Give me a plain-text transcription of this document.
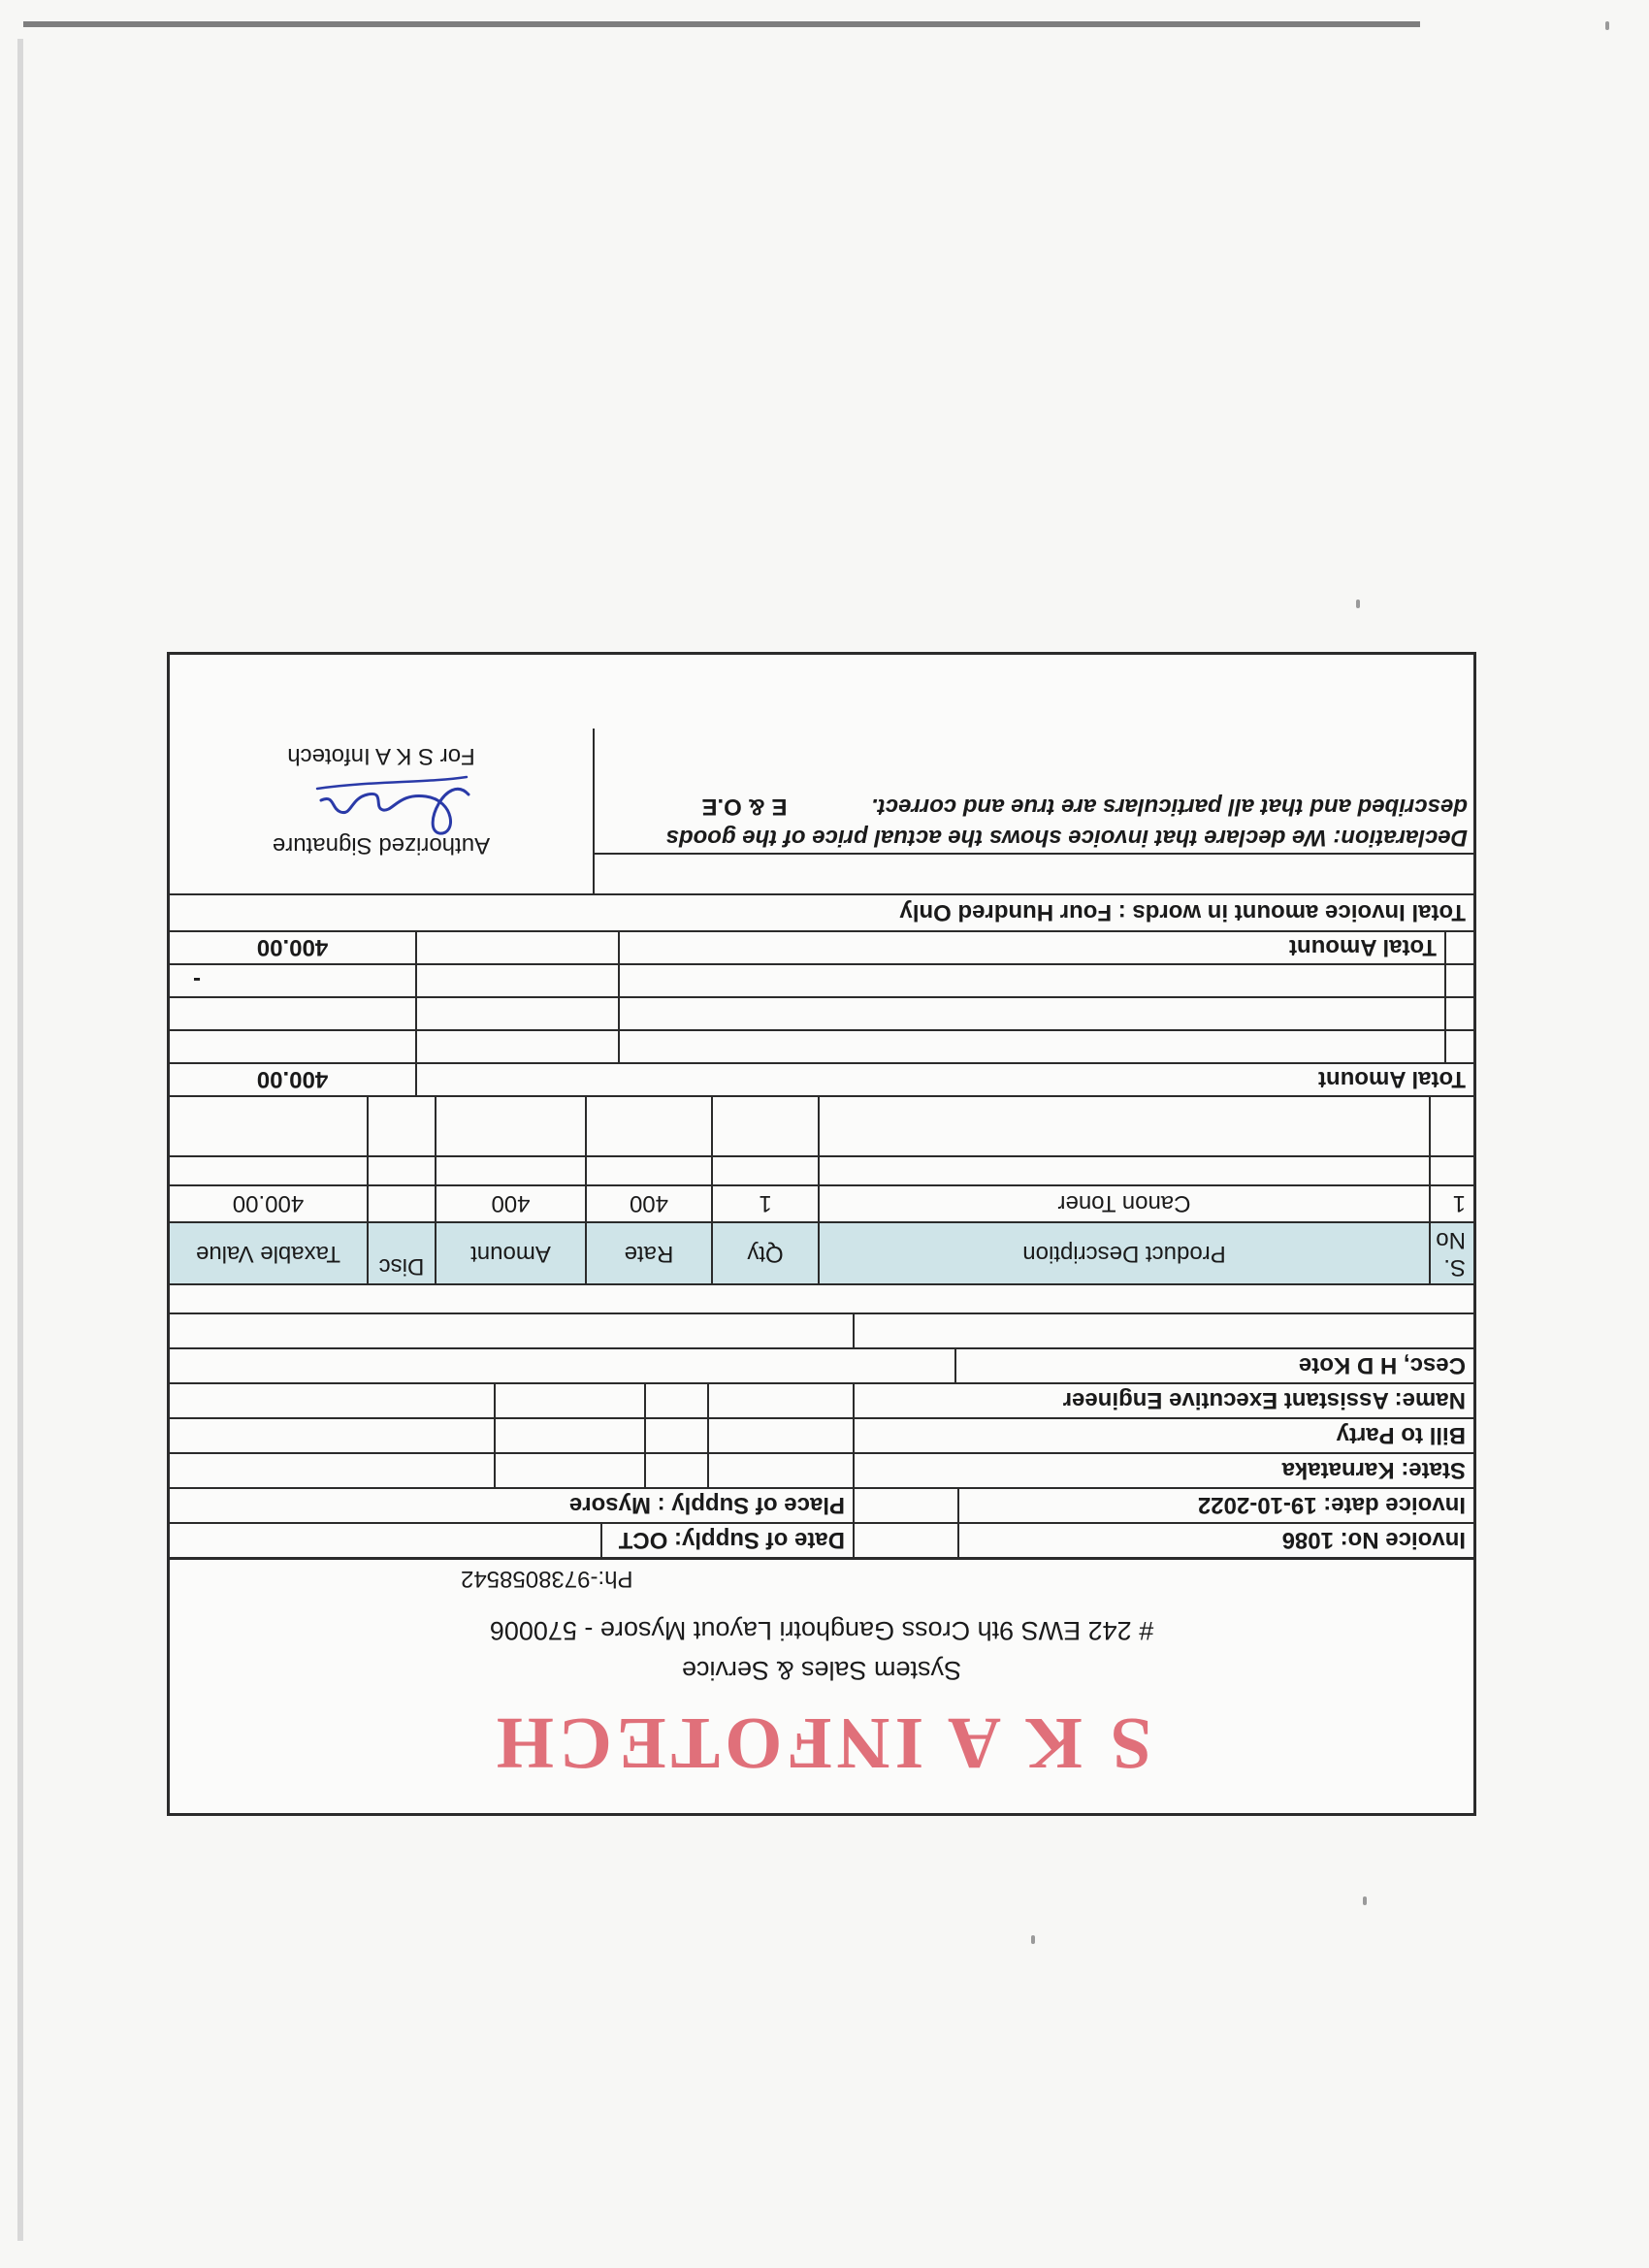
S K A INFOTECH
System Sales & Service
# 242 EWS 9th Cross Ganghotri Layout Mysore - 570006
Ph:-9738058542
Invoice No: 1086
Date of Supply: OCT
Invoice date: 19-10-2022
Place of Supply : Mysore
State: Karnataka
Bill to Party
Name: Assistant Executive Engineer
Cesc, H D Kote
S.
No
Product Description
Qty
Rate
Amount
Disc
Taxable Value
1
Canon Toner
1
400
400
400.00
Total Amount
400.00
-
Total Amount
400.00
Total Invoice amount in words : Four Hundred Only
Declaration: We declare that invoice shows the actual price of the goods
described and that all particulars are true and correct. E & O.E
Authorized Signature
For S K A Infotech
